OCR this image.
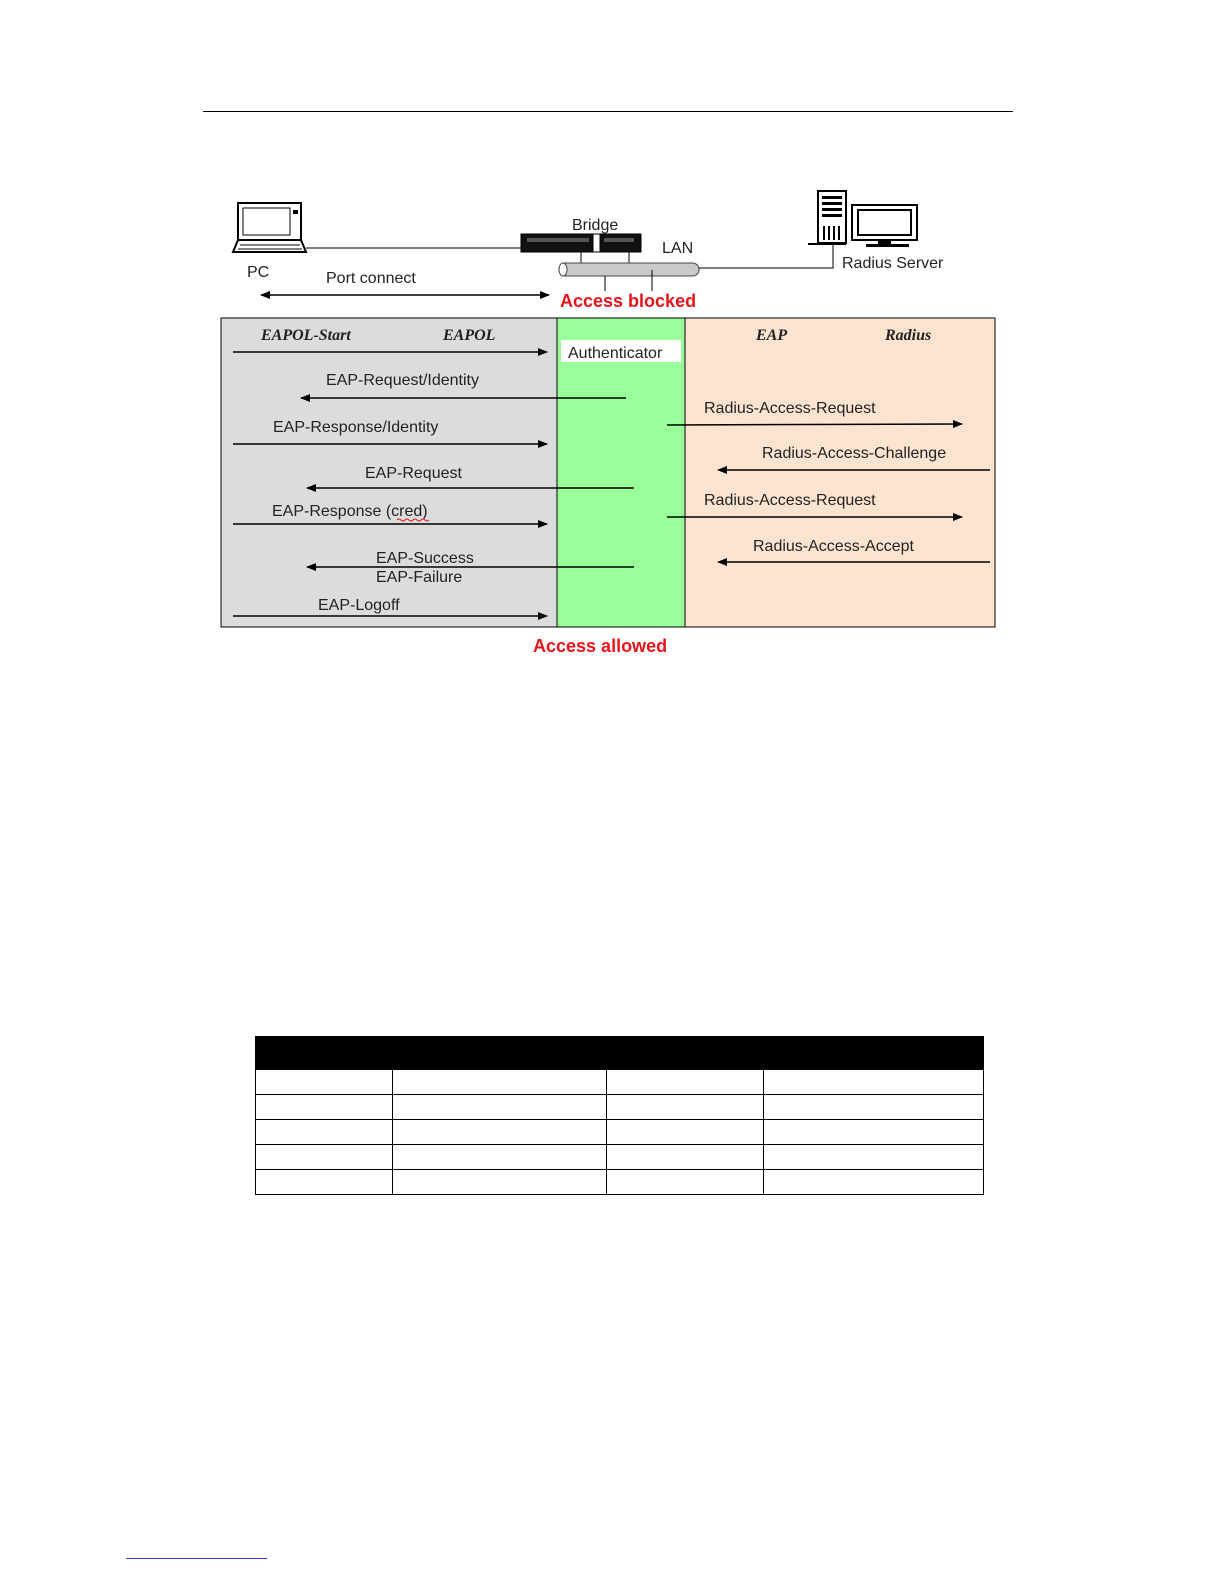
PC
Bridge
LAN
Radius Server
Port connect
Access blocked
EAPOL-Start	EAPOL
Authenticator
EAP	Radius
EAP-Request/Identity
EAP-Response/Identity
EAP-Request
EAP-Response (cred)
EAP-Success
EAP-Failure
EAP-Logoff
Radius-Access-Request
Radius-Access-Challenge
Radius-Access-Request
Radius-Access-Accept
Access allowed
